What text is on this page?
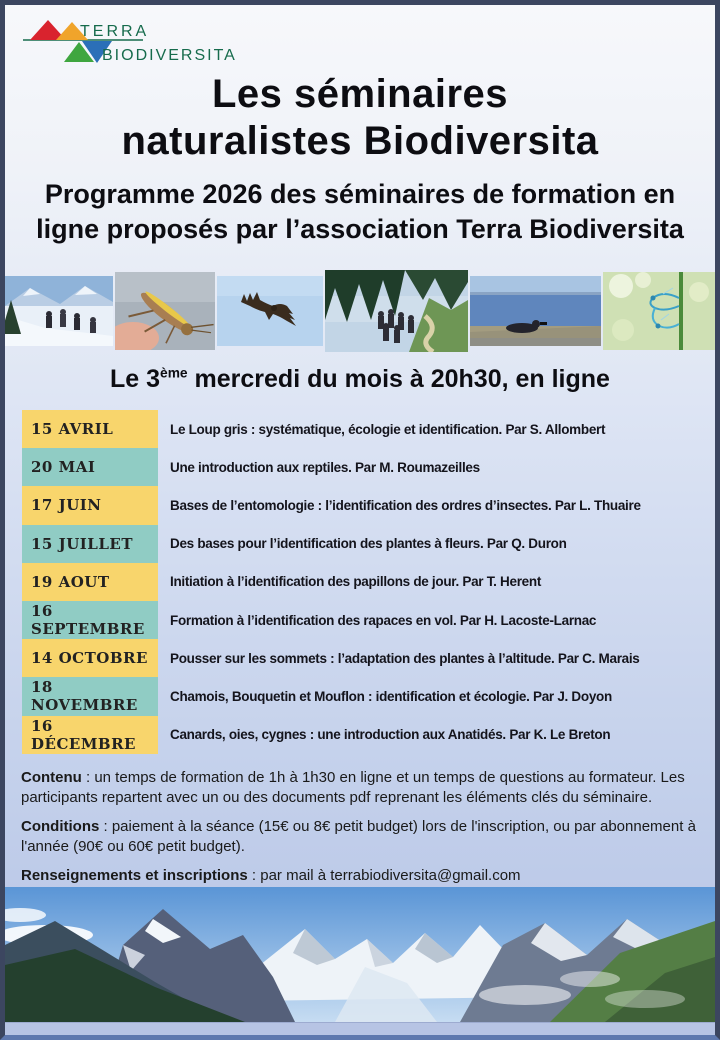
TERRA
BIODIVERSITA
Les séminaires
naturalistes Biodiversita
Programme 2026 des séminaires de formation en ligne proposés par l’association Terra Biodiversita
Le 3ème mercredi du mois à 20h30, en ligne
15 AVRIL	Le Loup gris : systématique, écologie et identification. Par S. Allombert
20 MAI	Une introduction aux reptiles. Par M. Roumazeilles
17 JUIN	Bases de l’entomologie : l’identification des ordres d’insectes. Par L. Thuaire
15 JUILLET	Des bases pour l’identification des plantes à fleurs. Par Q. Duron
19 AOUT	Initiation à l’identification des papillons de jour. Par T. Herent
16 SEPTEMBRE	Formation à l’identification des rapaces en vol. Par H. Lacoste-Larnac
14 OCTOBRE	Pousser sur les sommets : l’adaptation des plantes à l’altitude. Par C. Marais
18 NOVEMBRE	Chamois, Bouquetin et Mouflon : identification et écologie. Par J. Doyon
16 DÉCEMBRE	Canards, oies, cygnes : une introduction aux Anatidés. Par K. Le Breton

Contenu : un temps de formation de 1h à 1h30 en ligne et un temps de questions au formateur. Les participants repartent avec un ou des documents pdf reprenant les éléments clés du séminaire.

Conditions : paiement à la séance (15€ ou 8€ petit budget) lors de l'inscription, ou par abonnement à l'année (90€ ou 60€ petit budget).

Renseignements et inscriptions : par mail à terrabiodiversita@gmail.com
